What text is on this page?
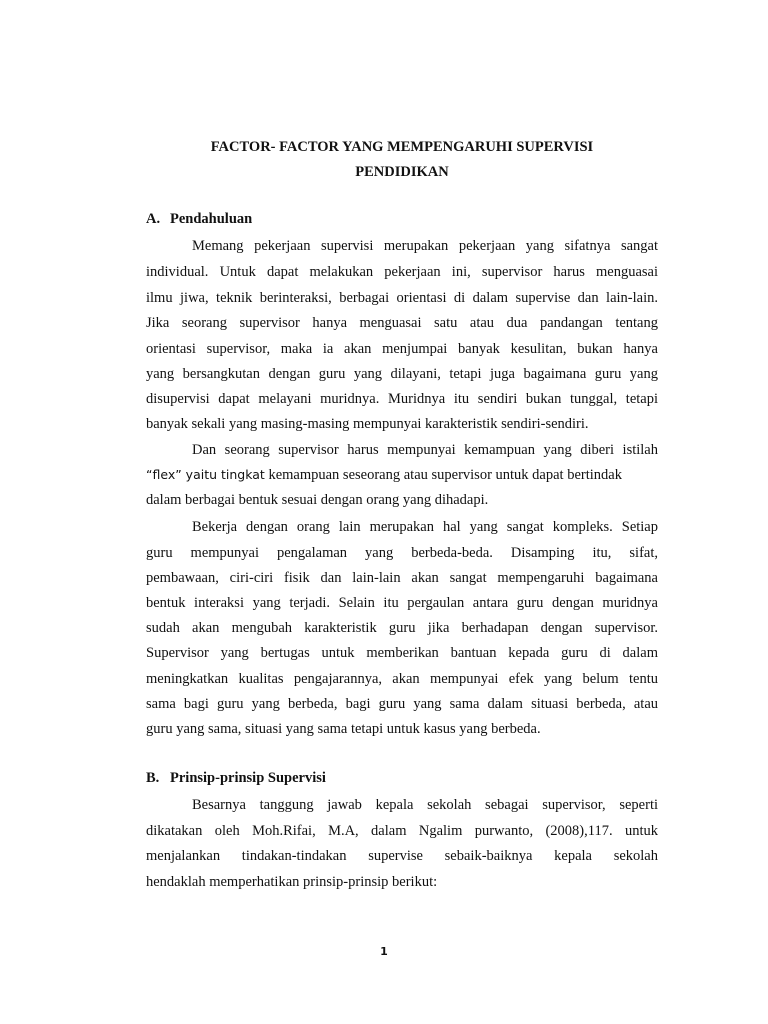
FACTOR- FACTOR YANG MEMPENGARUHI SUPERVISI
PENDIDIKAN
A. Pendahuluan
Memang pekerjaan supervisi merupakan pekerjaan yang sifatnya sangat
individual. Untuk dapat melakukan pekerjaan ini, supervisor harus menguasai
ilmu jiwa, teknik berinteraksi, berbagai orientasi di dalam supervise dan lain-lain.
Jika seorang supervisor hanya menguasai satu atau dua pandangan tentang
orientasi supervisor, maka ia akan menjumpai banyak kesulitan, bukan hanya
yang bersangkutan dengan guru yang dilayani, tetapi juga bagaimana guru yang
disupervisi dapat melayani muridnya. Muridnya itu sendiri bukan tunggal, tetapi
banyak sekali yang masing-masing mempunyai karakteristik sendiri-sendiri.
Dan seorang supervisor harus mempunyai kemampuan yang diberi istilah
“flex” yaitu tingkat kemampuan seseorang atau supervisor untuk dapat bertindak
dalam berbagai bentuk sesuai dengan orang yang dihadapi.
Bekerja dengan orang lain merupakan hal yang sangat kompleks. Setiap
guru mempunyai pengalaman yang berbeda-beda. Disamping itu, sifat,
pembawaan, ciri-ciri fisik dan lain-lain akan sangat mempengaruhi bagaimana
bentuk interaksi yang terjadi. Selain itu pergaulan antara guru dengan muridnya
sudah akan mengubah karakteristik guru jika berhadapan dengan supervisor.
Supervisor yang bertugas untuk memberikan bantuan kepada guru di dalam
meningkatkan kualitas pengajarannya, akan mempunyai efek yang belum tentu
sama bagi guru yang berbeda, bagi guru yang sama dalam situasi berbeda, atau
guru yang sama, situasi yang sama tetapi untuk kasus yang berbeda.
B. Prinsip-prinsip Supervisi
Besarnya tanggung jawab kepala sekolah sebagai supervisor, seperti
dikatakan oleh Moh.Rifai, M.A, dalam Ngalim purwanto, (2008),117. untuk
menjalankan tindakan-tindakan supervise sebaik-baiknya kepala sekolah
hendaklah memperhatikan prinsip-prinsip berikut:
1
